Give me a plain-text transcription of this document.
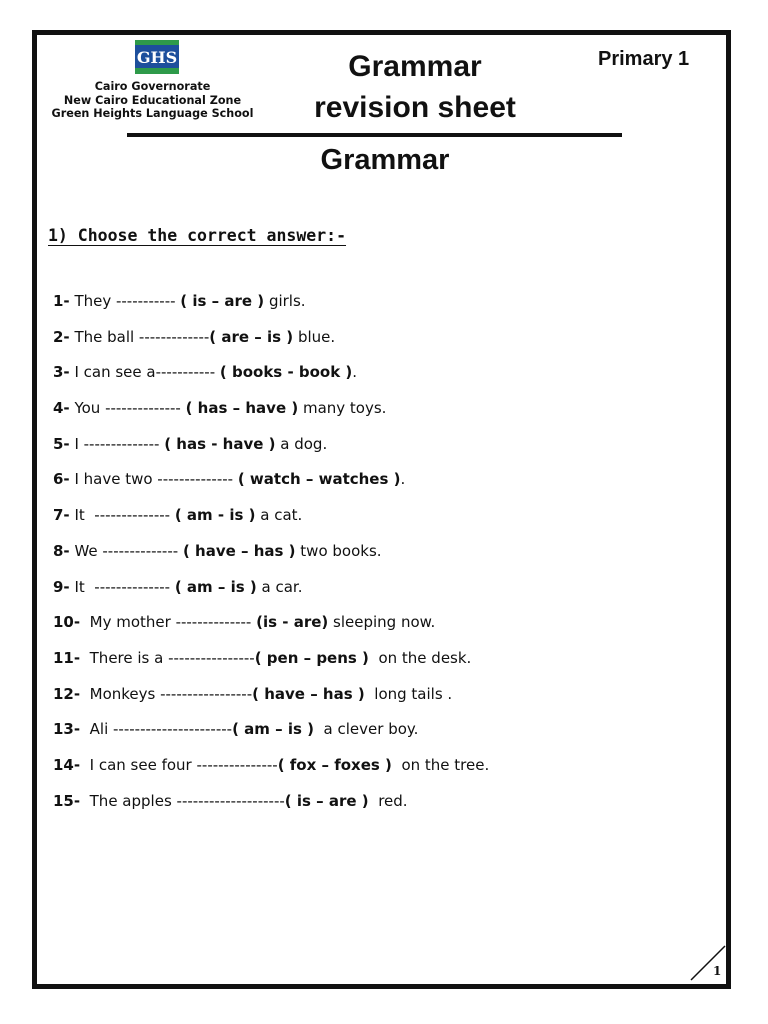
GHS
Cairo Governorate
New Cairo Educational Zone
Green Heights Language School
Grammar
revision sheet
Primary 1
Grammar
1) Choose the correct answer:-
1- They ----------- ( is – are ) girls.
2- The ball -------------( are – is ) blue.
3- I can see a----------- ( books - book ).
4- You -------------- ( has – have ) many toys.
5- I -------------- ( has - have ) a dog.
6- I have two -------------- ( watch – watches ).
7- It  -------------- ( am - is ) a cat.
8- We -------------- ( have – has ) two books.
9- It  -------------- ( am – is ) a car.
10-  My mother -------------- (is - are) sleeping now.
11-  There is a ----------------( pen – pens )  on the desk.
12-  Monkeys -----------------( have – has )  long tails .
13-  Ali ----------------------( am – is )  a clever boy.
14-  I can see four ---------------( fox – foxes )  on the tree.
15-  The apples --------------------( is – are )  red.
1
